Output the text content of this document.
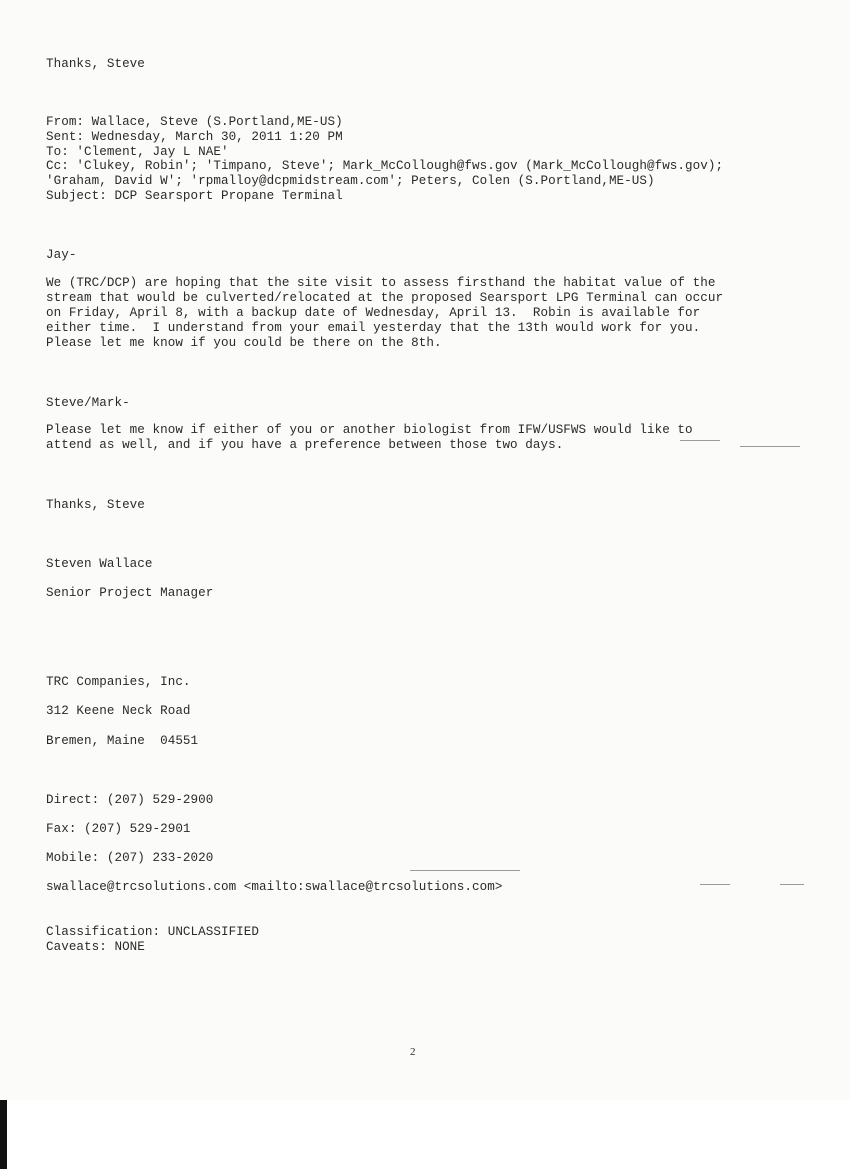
Thanks, Steve
From: Wallace, Steve (S.Portland,ME-US)
Sent: Wednesday, March 30, 2011 1:20 PM
To: 'Clement, Jay L NAE'
Cc: 'Clukey, Robin'; 'Timpano, Steve'; Mark_McCollough@fws.gov (Mark_McCollough@fws.gov);
'Graham, David W'; 'rpmalloy@dcpmidstream.com'; Peters, Colen (S.Portland,ME-US)
Subject: DCP Searsport Propane Terminal
Jay-
We (TRC/DCP) are hoping that the site visit to assess firsthand the habitat value of the
stream that would be culverted/relocated at the proposed Searsport LPG Terminal can occur
on Friday, April 8, with a backup date of Wednesday, April 13.  Robin is available for
either time.  I understand from your email yesterday that the 13th would work for you.
Please let me know if you could be there on the 8th.
Steve/Mark-
Please let me know if either of you or another biologist from IFW/USFWS would like to
attend as well, and if you have a preference between those two days.
Thanks, Steve
Steven Wallace
Senior Project Manager
TRC Companies, Inc.
312 Keene Neck Road
Bremen, Maine  04551
Direct: (207) 529-2900
Fax: (207) 529-2901
Mobile: (207) 233-2020
swallace@trcsolutions.com <mailto:swallace@trcsolutions.com>
Classification: UNCLASSIFIED
Caveats: NONE
2
